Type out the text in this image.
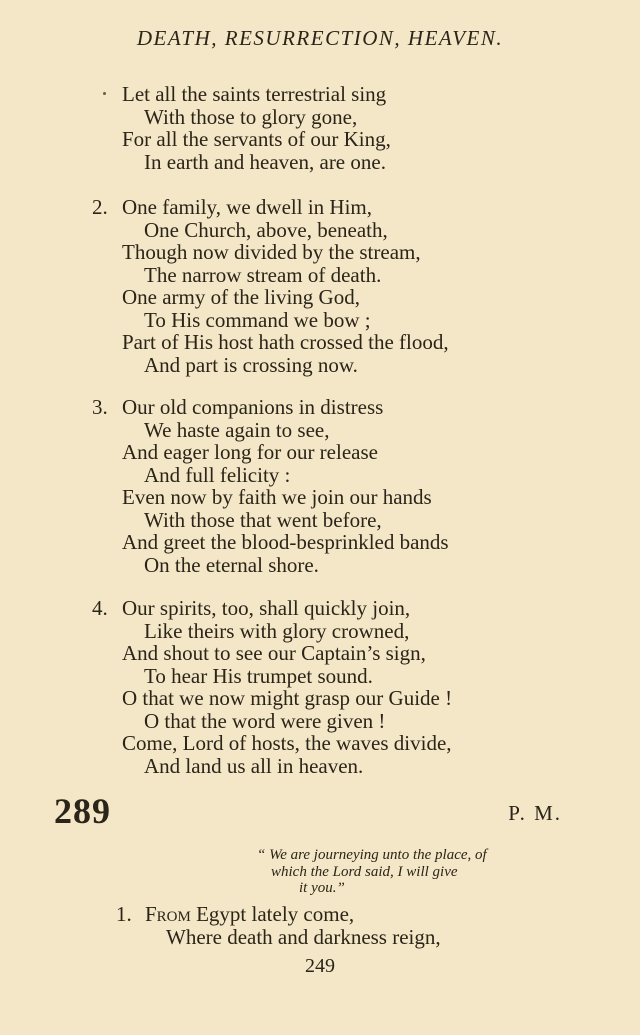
DEATH, RESURRECTION, HEAVEN.
Let all the saints terrestrial sing
With those to glory gone,
For all the servants of our King,
In earth and heaven, are one.
2. One family, we dwell in Him,
One Church, above, beneath,
Though now divided by the stream,
The narrow stream of death.
One army of the living God,
To His command we bow ;
Part of His host hath crossed the flood,
And part is crossing now.
3. Our old companions in distress
We haste again to see,
And eager long for our release
And full felicity :
Even now by faith we join our hands
With those that went before,
And greet the blood-besprinkled bands
On the eternal shore.
4. Our spirits, too, shall quickly join,
Like theirs with glory crowned,
And shout to see our Captain’s sign,
To hear His trumpet sound.
O that we now might grasp our Guide !
O that the word were given !
Come, Lord of hosts, the waves divide,
And land us all in heaven.
289	P. M.
“ We are journeying unto the place, of
which the Lord said, I will give
it you.”
1. From Egypt lately come,
Where death and darkness reign,
249
